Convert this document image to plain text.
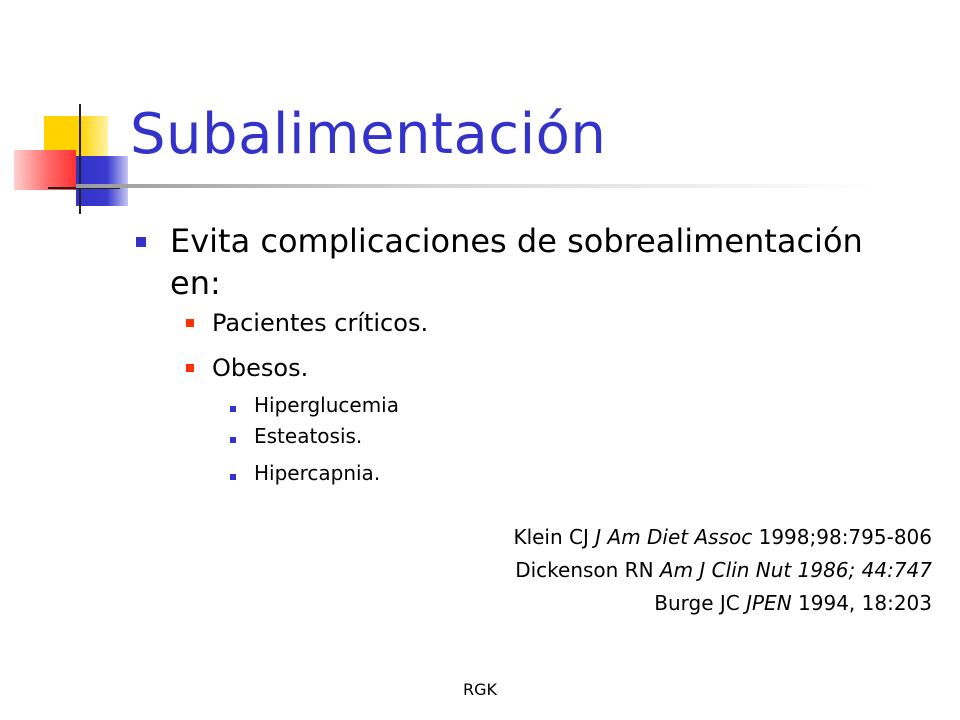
Subalimentación
Evita complicaciones de sobrealimentación en:
Pacientes críticos.
Obesos.
Hiperglucemia
Esteatosis.
Hipercapnia.
Klein CJ J Am Diet Assoc 1998;98:795-806
Dickenson RN Am J Clin Nut 1986; 44:747
Burge JC JPEN 1994, 18:203
RGK
